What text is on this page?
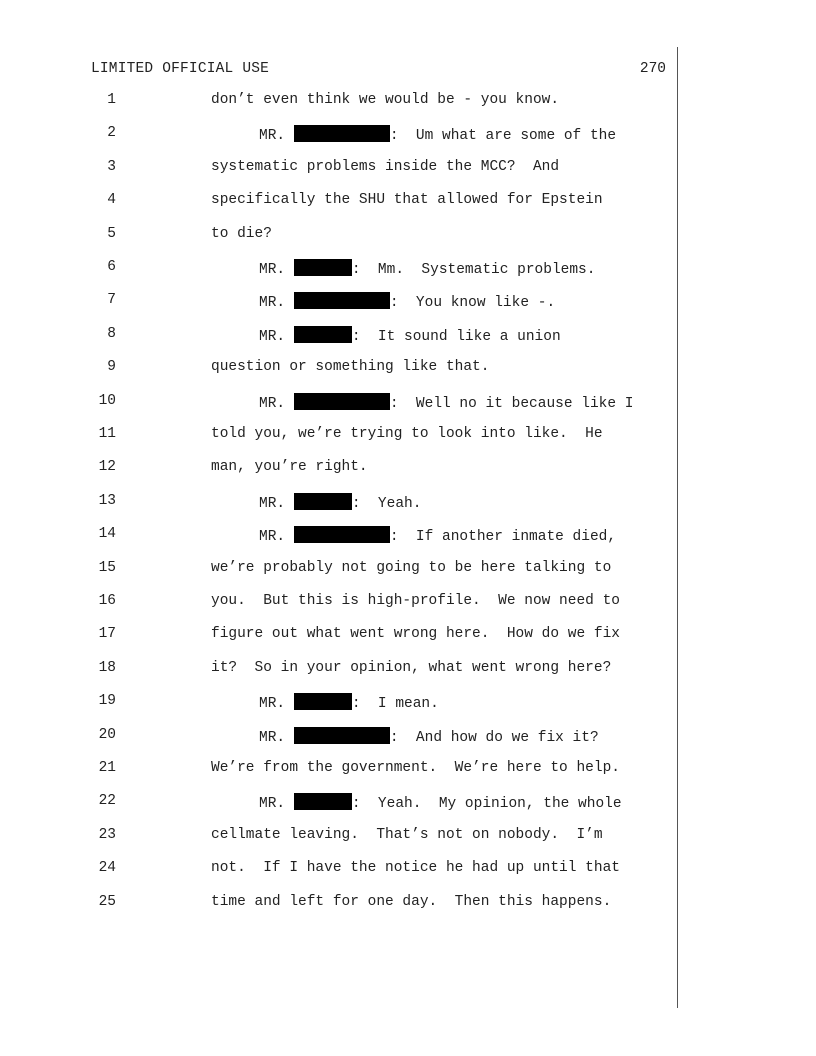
LIMITED OFFICIAL USE	270
1	don’t even think we would be - you know.
2	MR.	:  Um what are some of the
3	systematic problems inside the MCC?  And
4	specifically the SHU that allowed for Epstein
5	to die?
6	MR.	:  Mm.  Systematic problems.
7	MR.	:  You know like -.
8	MR.	:  It sound like a union
9	question or something like that.
10	MR.	:  Well no it because like I
11	told you, we’re trying to look into like.  He
12	man, you’re right.
13	MR.	:  Yeah.
14	MR.	:  If another inmate died,
15	we’re probably not going to be here talking to
16	you.  But this is high-profile.  We now need to
17	figure out what went wrong here.  How do we fix
18	it?  So in your opinion, what went wrong here?
19	MR.	:  I mean.
20	MR.	:  And how do we fix it?
21	We’re from the government.  We’re here to help.
22	MR.	:  Yeah.  My opinion, the whole
23	cellmate leaving.  That’s not on nobody.  I’m
24	not.  If I have the notice he had up until that
25	time and left for one day.  Then this happens.
